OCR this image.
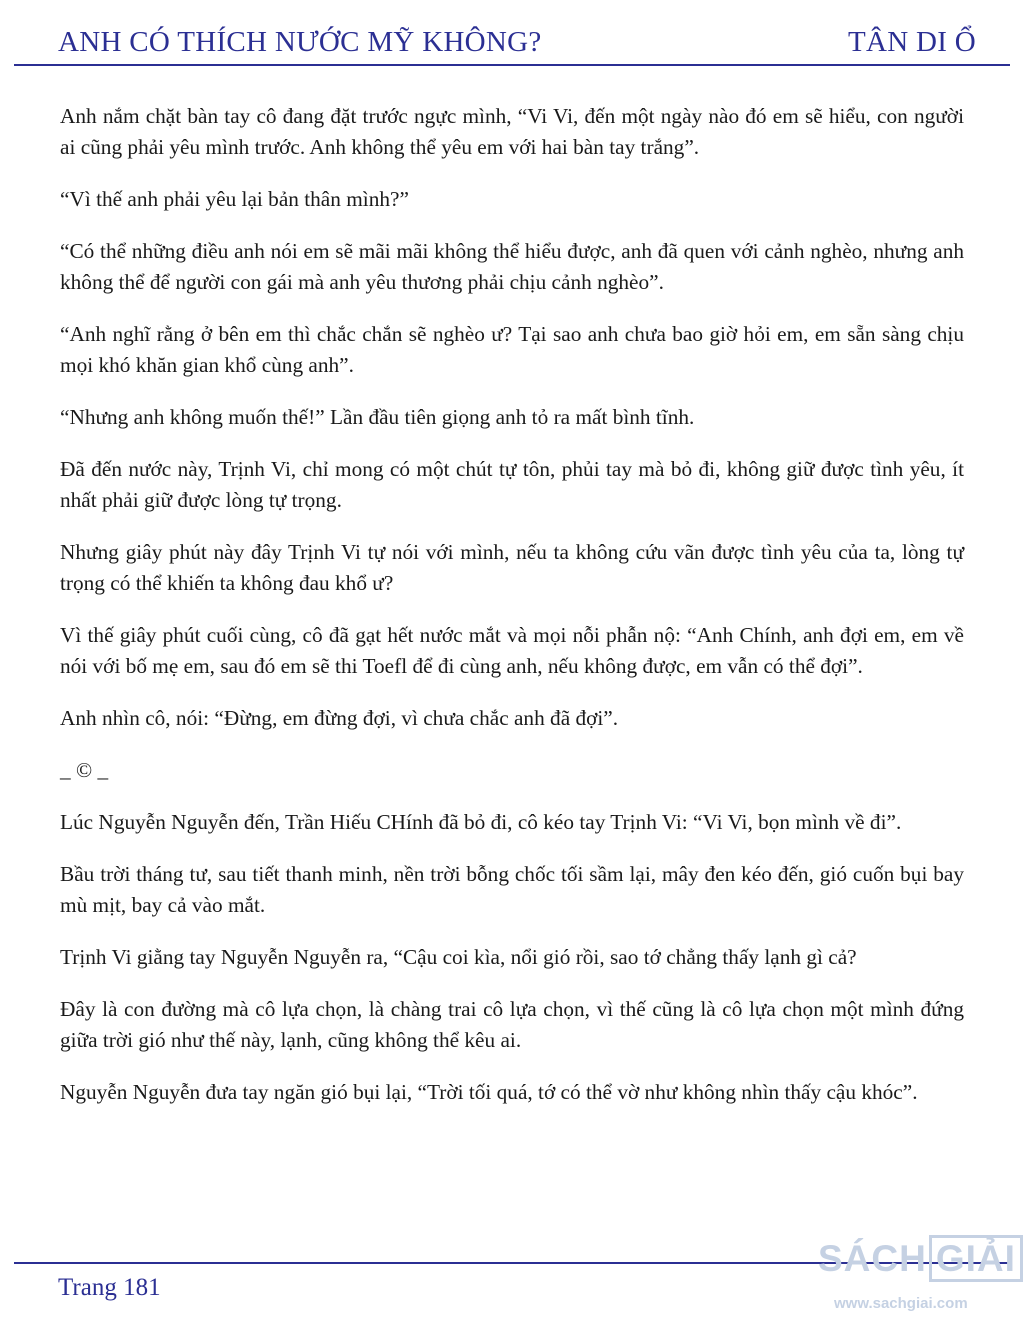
ANH CÓ THÍCH NƯỚC MỸ KHÔNG?	TÂN DI Ổ

Anh nắm chặt bàn tay cô đang đặt trước ngực mình, “Vi Vi, đến một ngày nào đó em sẽ hiểu, con người ai cũng phải yêu mình trước. Anh không thể yêu em với hai bàn tay trắng”.

“Vì thế anh phải yêu lại bản thân mình?”

“Có thể những điều anh nói em sẽ mãi mãi không thể hiểu được, anh đã quen với cảnh nghèo, nhưng anh không thể để người con gái mà anh yêu thương phải chịu cảnh nghèo”.

“Anh nghĩ rằng ở bên em thì chắc chắn sẽ nghèo ư? Tại sao anh chưa bao giờ hỏi em, em sẵn sàng chịu mọi khó khăn gian khổ cùng anh”.

“Nhưng anh không muốn thế!” Lần đầu tiên giọng anh tỏ ra mất bình tĩnh.

Đã đến nước này, Trịnh Vi, chỉ mong có một chút tự tôn, phủi tay mà bỏ đi, không giữ được tình yêu, ít nhất phải giữ được lòng tự trọng.

Nhưng giây phút này đây Trịnh Vi tự nói với mình, nếu ta không cứu vãn được tình yêu của ta, lòng tự trọng có thể khiến ta không đau khổ ư?

Vì thế giây phút cuối cùng, cô đã gạt hết nước mắt và mọi nỗi phẫn nộ: “Anh Chính, anh đợi em, em về nói với bố mẹ em, sau đó em sẽ thi Toefl để đi cùng anh, nếu không được, em vẫn có thể đợi”.

Anh nhìn cô, nói: “Đừng, em đừng đợi, vì chưa chắc anh đã đợi”.

_ © _

Lúc Nguyễn Nguyễn đến, Trần Hiếu CHính đã bỏ đi, cô kéo tay Trịnh Vi: “Vi Vi, bọn mình về đi”.

Bầu trời tháng tư, sau tiết thanh minh, nền trời bỗng chốc tối sầm lại, mây đen kéo đến, gió cuốn bụi bay mù mịt, bay cả vào mắt.

Trịnh Vi giằng tay Nguyễn Nguyễn ra, “Cậu coi kìa, nổi gió rồi, sao tớ chẳng thấy lạnh gì cả?

Đây là con đường mà cô lựa chọn, là chàng trai cô lựa chọn, vì thế cũng là cô lựa chọn một mình đứng giữa trời gió như thế này, lạnh, cũng không thể kêu ai.

Nguyễn Nguyễn đưa tay ngăn gió bụi lại, “Trời tối quá, tớ có thể vờ như không nhìn thấy cậu khóc”.

Trang 181
SÁCH GIẢI
www.sachgiai.com
